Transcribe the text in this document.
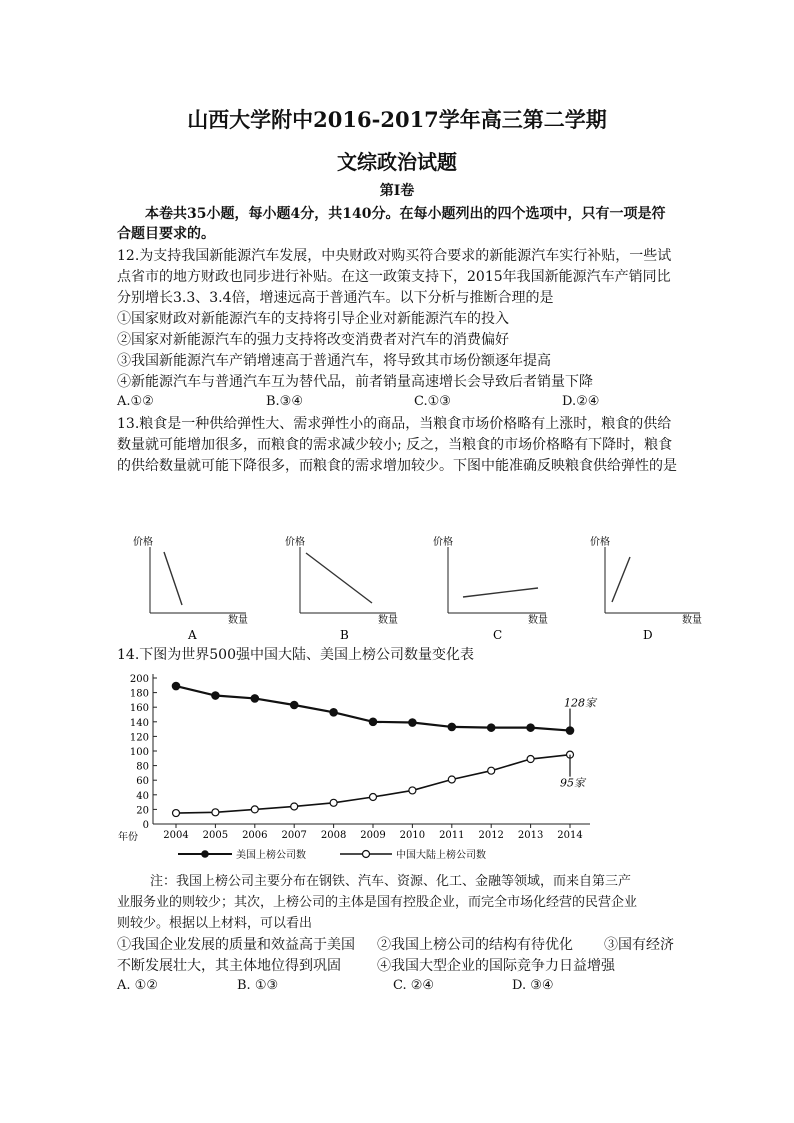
山西大学附中2016-2017学年高三第二学期
文综政治试题
第Ⅰ卷

本卷共35小题，每小题4分，共140分。在每小题列出的四个选项中，只有一项是符

合题目要求的。

12.为支持我国新能源汽车发展，中央财政对购买符合要求的新能源汽车实行补贴，一些试

点省市的地方财政也同步进行补贴。在这一政策支持下，2015年我国新能源汽车产销同比

分别增长3.3、3.4倍，增速远高于普通汽车。以下分析与推断合理的是

①国家财政对新能源汽车的支持将引导企业对新能源汽车的投入

②国家对新能源汽车的强力支持将改变消费者对汽车的消费偏好

③我国新能源汽车产销增速高于普通汽车，将导致其市场份额逐年提高

④新能源汽车与普通汽车互为替代品，前者销量高速增长会导致后者销量下降

A.①②	B.③④	C.①③	D.②④

13.粮食是一种供给弹性大、需求弹性小的商品，当粮食市场价格略有上涨时，粮食的供给

数量就可能增加很多，而粮食的需求减少较小; 反之，当粮食的市场价格略有下降时，粮食

的供给数量就可能下降很多，而粮食的需求增加较少。下图中能准确反映粮食供给弹性的是

价格
数量
A
价格
数量
B
价格
数量
C
价格
数量
D

14.下图为世界500强中国大陆、美国上榜公司数量变化表

0
20
40
60
80
100
120
140
160
180
200
2004 2005 2006 2007 2008 2009 2010 2011 2012 2013 2014
年份
128家
95家
美国上榜公司数	中国大陆上榜公司数

注：我国上榜公司主要分布在钢铁、汽车、资源、化工、金融等领域，而来自第三产

业服务业的则较少；其次，上榜公司的主体是国有控股企业，而完全市场化经营的民营企业

则较少。根据以上材料，可以看出

①我国企业发展的质量和效益高于美国 ②我国上榜公司的结构有待优化 ③国有经济

不断发展壮大，其主体地位得到巩固	④我国大型企业的国际竞争力日益增强

A. ①②	B. ①③	C. ②④	D. ③④
